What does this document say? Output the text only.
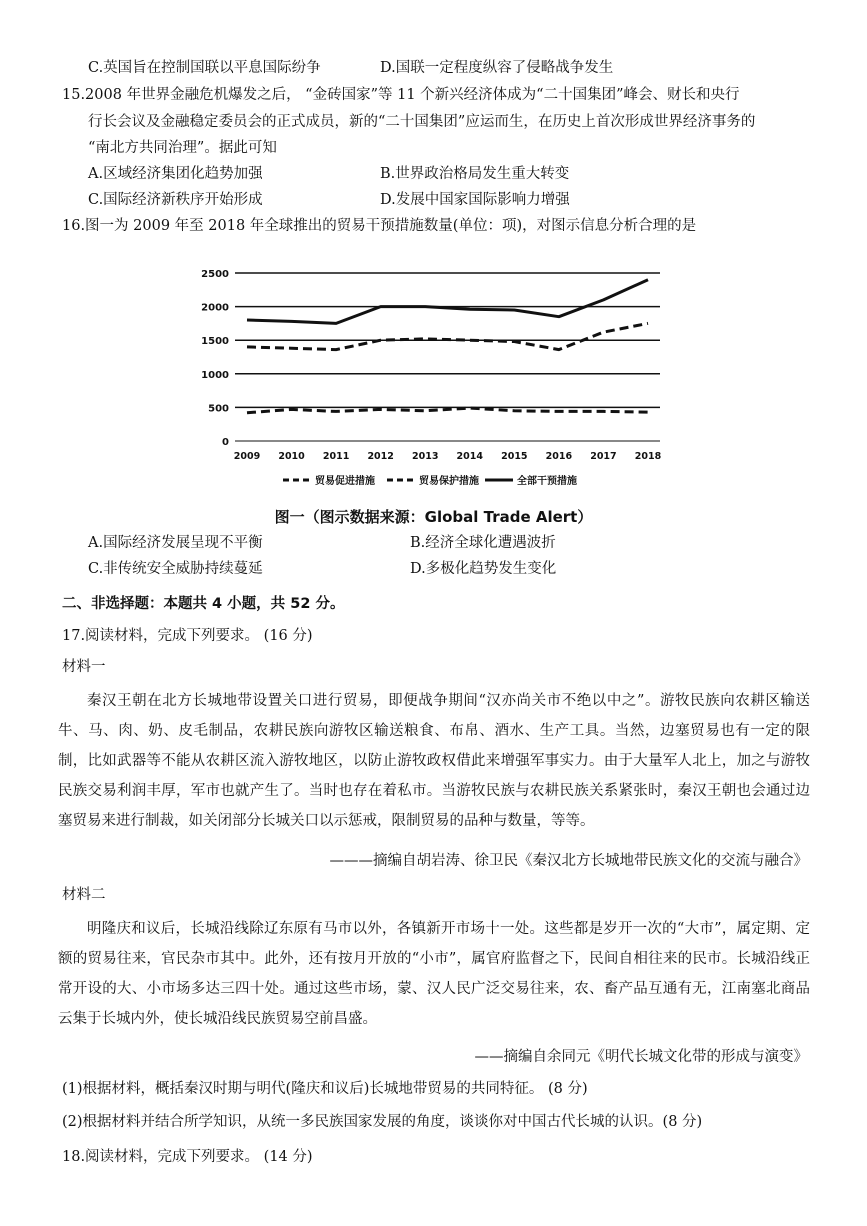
C.英国旨在控制国联以平息国际纷争	D.国联一定程度纵容了侵略战争发生
15.2008 年世界金融危机爆发之后， “金砖国家”等 11 个新兴经济体成为“二十国集团”峰会、财长和央行
行长会议及金融稳定委员会的正式成员，新的“二十国集团”应运而生，在历史上首次形成世界经济事务的
“南北方共同治理”。据此可知
A.区域经济集团化趋势加强	B.世界政治格局发生重大转变
C.国际经济新秩序开始形成	D.发展中国家国际影响力增强
16.图一为 2009 年至 2018 年全球推出的贸易干预措施数量(单位：项)，对图示信息分析合理的是
0
500
1000
1500
2000
2500
2009 2010 2011 2012 2013 2014 2015 2016 2017 2018
贸易促进措施	贸易保护措施	全部干预措施
图一（图示数据来源：Global Trade Alert）
A.国际经济发展呈现不平衡	B.经济全球化遭遇波折
C.非传统安全威胁持续蔓延	D.多极化趋势发生变化
二、非选择题：本题共 4 小题，共 52 分。
17.阅读材料，完成下列要求。 (16 分)
材料一
秦汉王朝在北方长城地带设置关口进行贸易，即便战争期间“汉亦尚关市不绝以中之”。游牧民族向农耕区输送牛、马、肉、奶、皮毛制品，农耕民族向游牧区输送粮食、布帛、酒水、生产工具。当然，边塞贸易也有一定的限制，比如武器等不能从农耕区流入游牧地区，以防止游牧政权借此来增强军事实力。由于大量军人北上，加之与游牧民族交易利润丰厚，军市也就产生了。当时也存在着私市。当游牧民族与农耕民族关系紧张时，秦汉王朝也会通过边塞贸易来进行制裁，如关闭部分长城关口以示惩戒，限制贸易的品种与数量，等等。
———摘编自胡岩涛、徐卫民《秦汉北方长城地带民族文化的交流与融合》
材料二
明隆庆和议后，长城沿线除辽东原有马市以外，各镇新开市场十一处。这些都是岁开一次的“大市”，属定期、定额的贸易往来，官民杂市其中。此外，还有按月开放的“小市”，属官府监督之下，民间自相往来的民市。长城沿线正常开设的大、小市场多达三四十处。通过这些市场，蒙、汉人民广泛交易往来，农、畜产品互通有无，江南塞北商品云集于长城内外，使长城沿线民族贸易空前昌盛。
——摘编自余同元《明代长城文化带的形成与演变》
(1)根据材料，概括秦汉时期与明代(隆庆和议后)长城地带贸易的共同特征。 (8 分)
(2)根据材料并结合所学知识，从统一多民族国家发展的角度，谈谈你对中国古代长城的认识。(8 分)
18.阅读材料，完成下列要求。 (14 分)
